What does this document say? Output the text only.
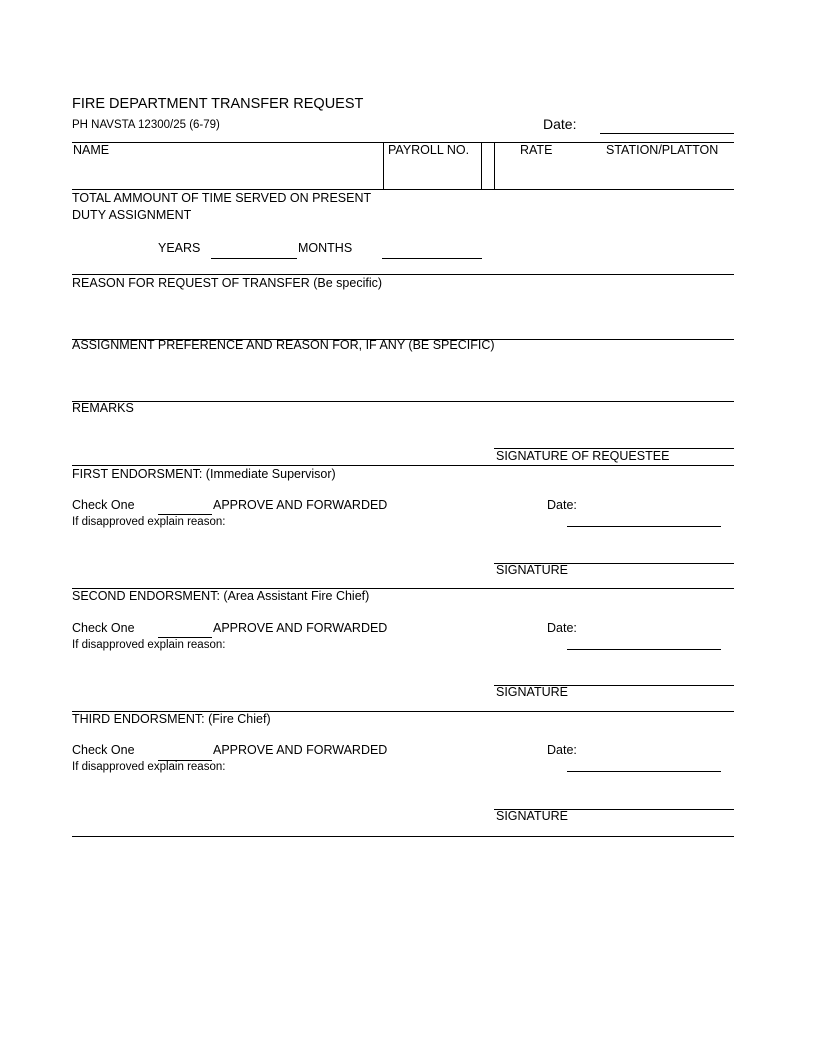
FIRE DEPARTMENT TRANSFER REQUEST
PH NAVSTA 12300/25 (6-79)	Date:
NAME	PAYROLL NO.	RATE	STATION/PLATTON
TOTAL AMMOUNT OF TIME SERVED ON PRESENT
DUTY ASSIGNMENT
YEARS	MONTHS
REASON FOR REQUEST OF TRANSFER (Be specific)
ASSIGNMENT PREFERENCE AND REASON FOR, IF ANY (BE SPECIFIC)
REMARKS
SIGNATURE OF REQUESTEE
FIRST ENDORSMENT: (Immediate Supervisor)
Check One	APPROVE AND FORWARDED	Date:
If disapproved explain reason:
SIGNATURE
SECOND ENDORSMENT: (Area Assistant Fire Chief)
Check One	APPROVE AND FORWARDED	Date:
If disapproved explain reason:
SIGNATURE
THIRD ENDORSMENT: (Fire Chief)
Check One	APPROVE AND FORWARDED	Date:
If disapproved explain reason:
SIGNATURE
